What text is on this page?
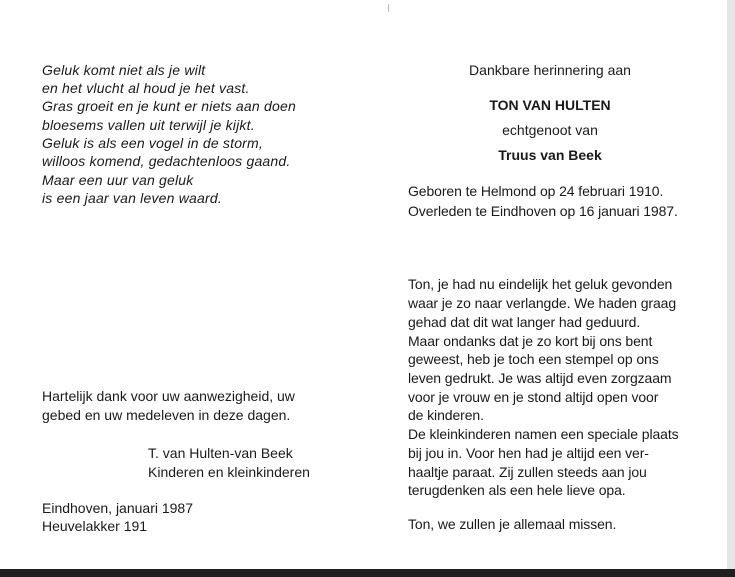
Geluk komt niet als je wilt
en het vlucht al houd je het vast.
Gras groeit en je kunt er niets aan doen
bloesems vallen uit terwijl je kijkt.
Geluk is als een vogel in de storm,
willoos komend, gedachtenloos gaand.
Maar een uur van geluk
is een jaar van leven waard.
Dankbare herinnering aan
TON VAN HULTEN
echtgenoot van
Truus van Beek
Geboren te Helmond op 24 februari 1910.
Overleden te Eindhoven op 16 januari 1987.
Ton, je had nu eindelijk het geluk gevonden
waar je zo naar verlangde. We haden graag
gehad dat dit wat langer had geduurd.
Maar ondanks dat je zo kort bij ons bent
geweest, heb je toch een stempel op ons
leven gedrukt. Je was altijd even zorgzaam
voor je vrouw en je stond altijd open voor
de kinderen.
De kleinkinderen namen een speciale plaats
bij jou in. Voor hen had je altijd een ver-
haaltje paraat. Zij zullen steeds aan jou
terugdenken als een hele lieve opa.
Ton, we zullen je allemaal missen.
Hartelijk dank voor uw aanwezigheid, uw
gebed en uw medeleven in deze dagen.
T. van Hulten-van Beek
Kinderen en kleinkinderen
Eindhoven, januari 1987
Heuvelakker 191
